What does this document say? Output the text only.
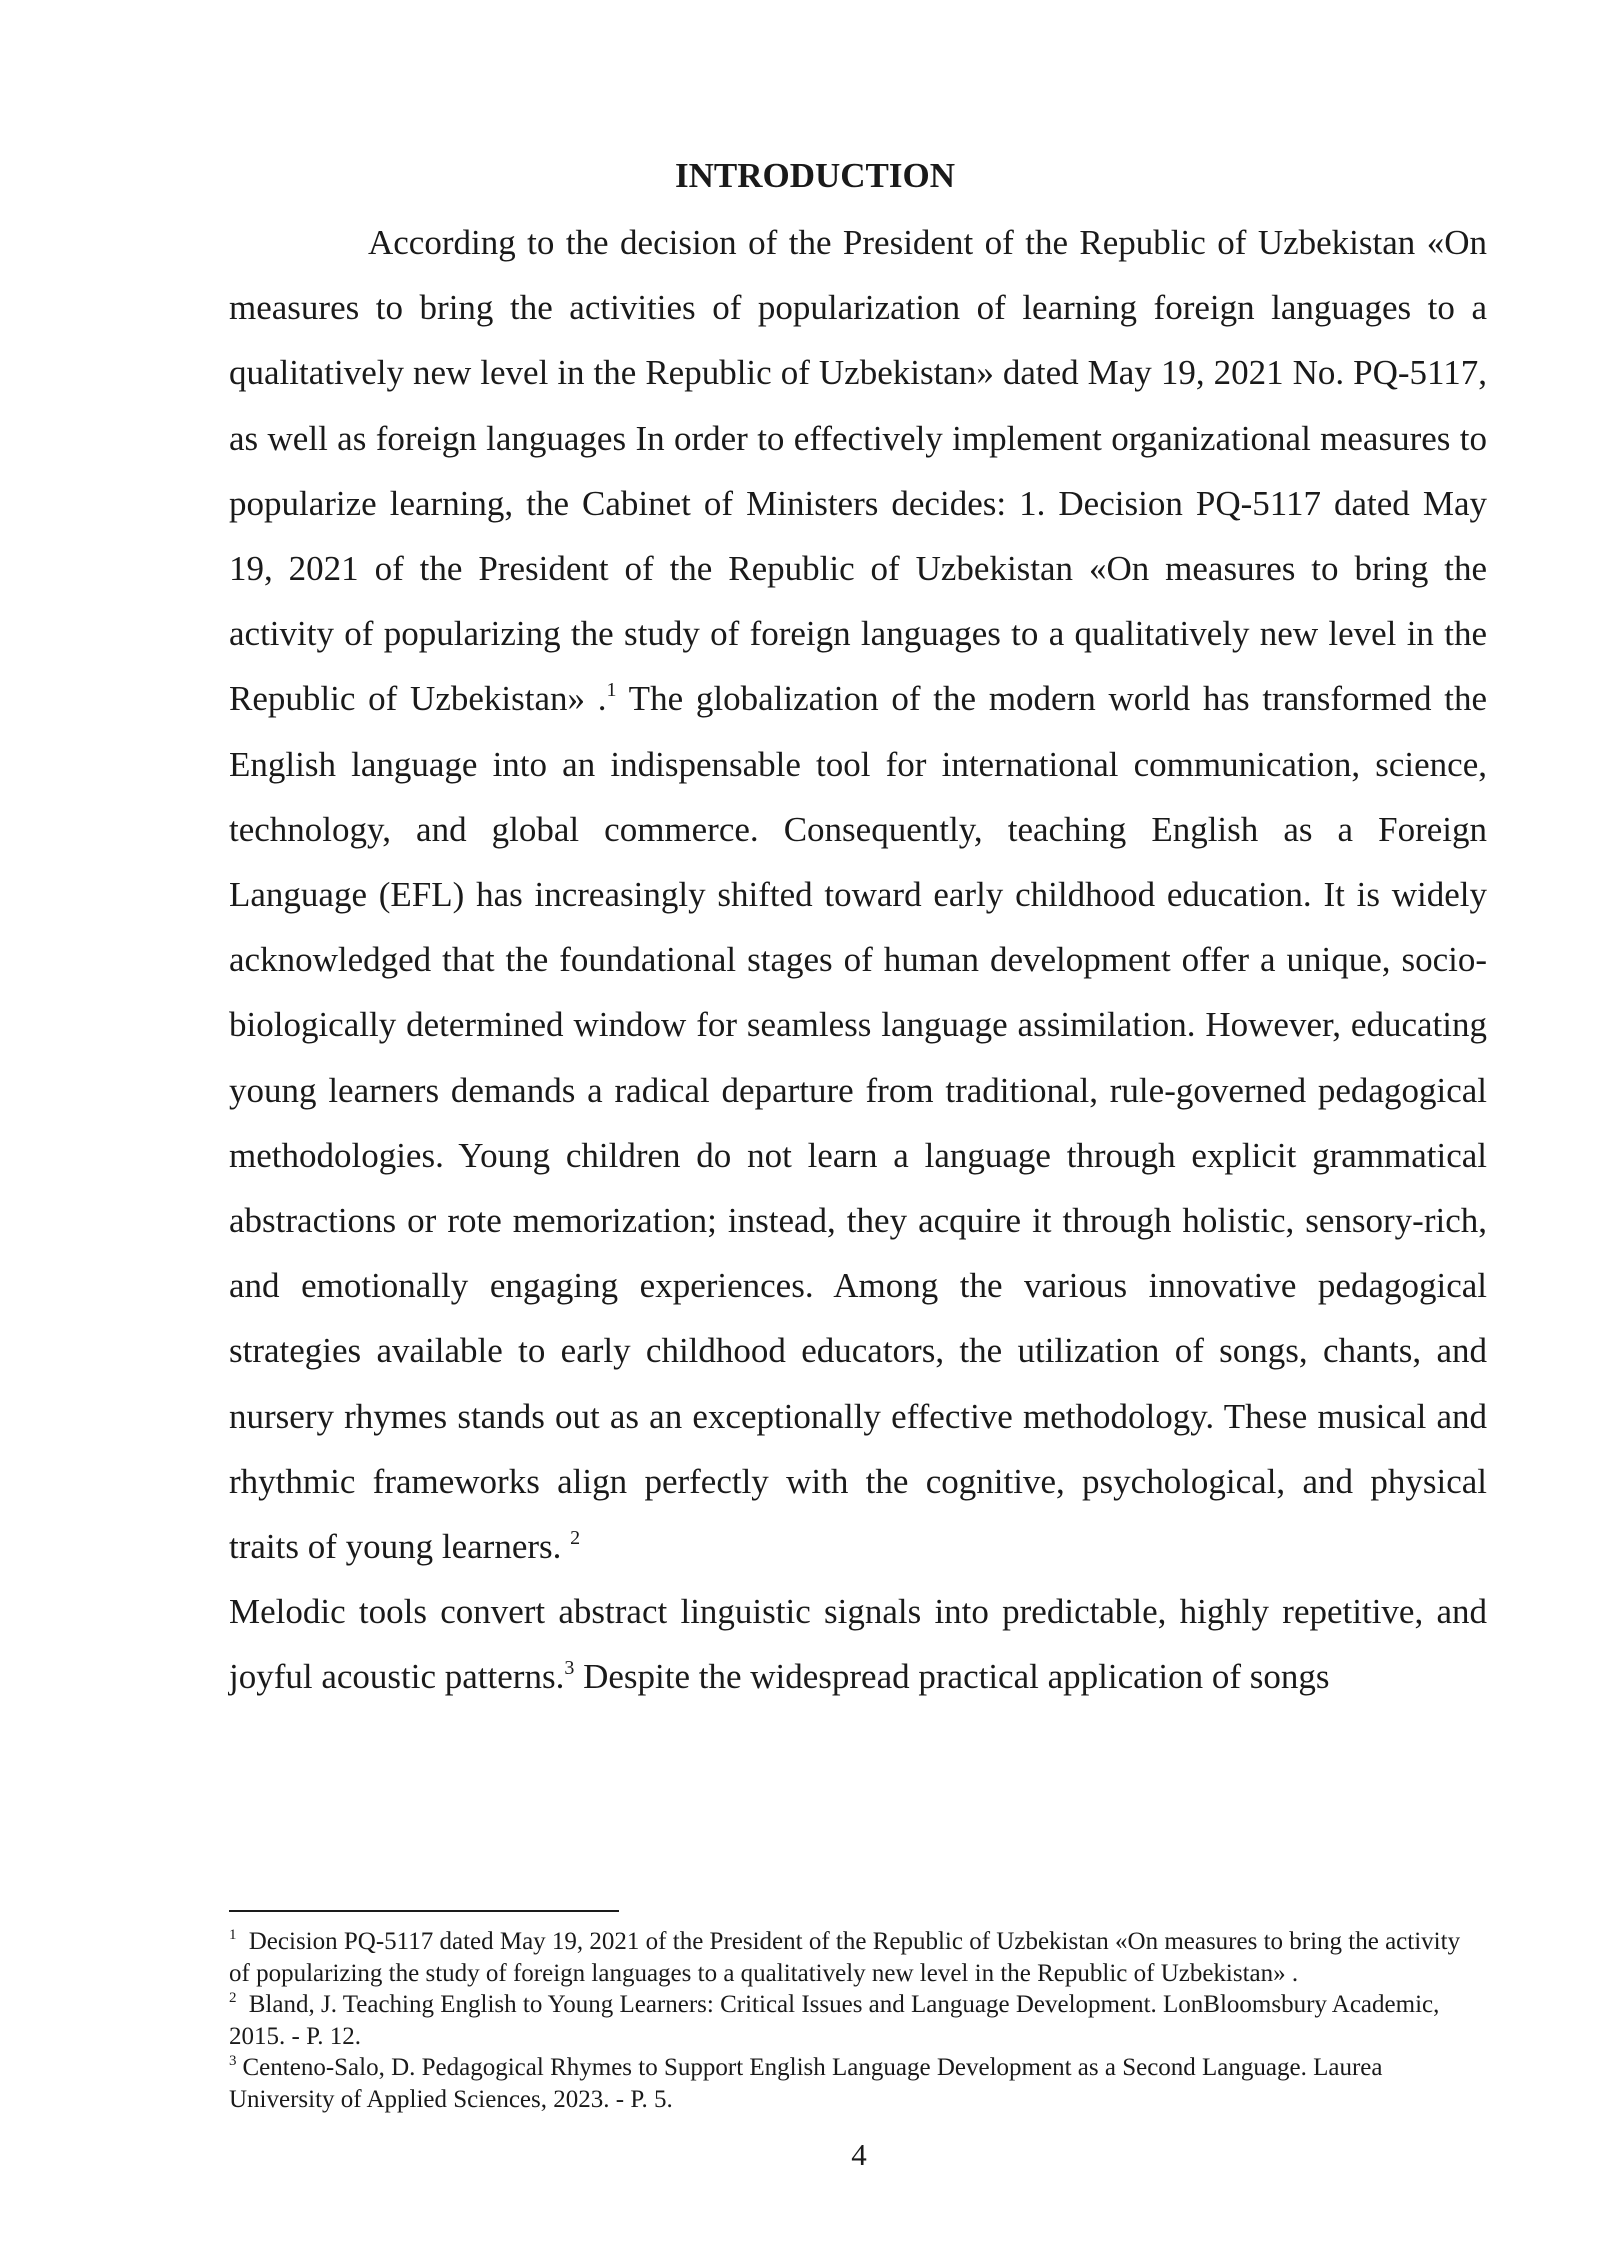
INTRODUCTION

According to the decision of the President of the Republic of Uzbekistan «On measures to bring the activities of popularization of learning foreign languages to a qualitatively new level in the Republic of Uzbekistan» dated May 19, 2021 No. PQ-5117, as well as foreign languages In order to effectively implement organizational measures to popularize learning, the Cabinet of Ministers decides: 1. Decision PQ-5117 dated May 19, 2021 of the President of the Republic of Uzbekistan «On measures to bring the activity of popularizing the study of foreign languages to a qualitatively new level in the Republic of Uzbekistan» .$^1$ The globalization of the modern world has transformed the English language into an indispensable tool for international communication, science, technology, and global commerce. Consequently, teaching English as a Foreign Language (EFL) has increasingly shifted toward early childhood education. It is widely acknowledged that the foundational stages of human development offer a unique, socio-biologically determined window for seamless language assimilation. However, educating young learners demands a radical departure from traditional, rule-governed pedagogical methodologies. Young children do not learn a language through explicit grammatical abstractions or rote memorization; instead, they acquire it through holistic, sensory-rich, and emotionally engaging experiences. Among the various innovative pedagogical strategies available to early childhood educators, the utilization of songs, chants, and nursery rhymes stands out as an exceptionally effective methodology. These musical and rhythmic frameworks align perfectly with the cognitive, psychological, and physical traits of young learners. $^2$

Melodic tools convert abstract linguistic signals into predictable, highly repetitive, and joyful acoustic patterns.$^3$ Despite the widespread practical application of songs

$^1$ Decision PQ-5117 dated May 19, 2021 of the President of the Republic of Uzbekistan «On measures to bring the activity of popularizing the study of foreign languages to a qualitatively new level in the Republic of Uzbekistan» .

$^2$ Bland, J. Teaching English to Young Learners: Critical Issues and Language Development. LonBloomsbury Academic, 2015. - P. 12.

$^3$ Centeno-Salo, D. Pedagogical Rhymes to Support English Language Development as a Second Language. Laurea University of Applied Sciences, 2023. - P. 5.

4
